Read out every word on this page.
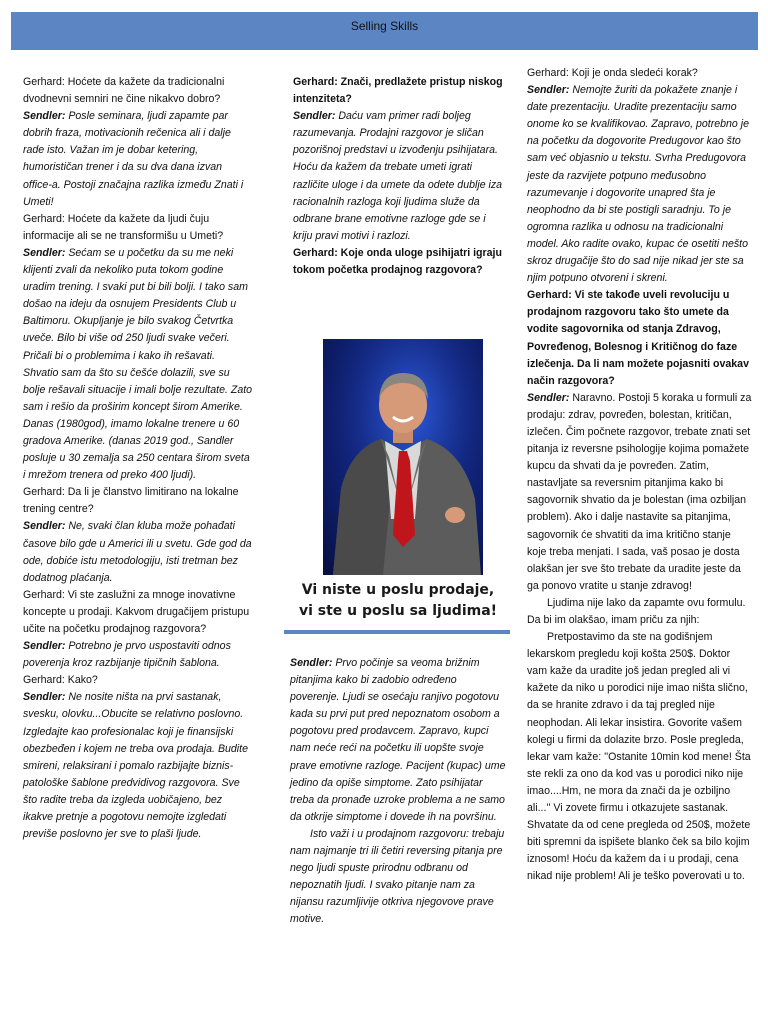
Selling Skills

Gerhard: Hoćete da kažete da tradicionalni dvodnevni semniri ne čine nikakvo dobro?

Sendler: Posle seminara, ljudi zapamte par dobrih fraza, motivacionih rečenica ali i dalje rade isto. Važan im je dobar ketering, humorističan trener i da su dva dana izvan office-a. Postoji značajna razlika između Znati i Umeti!

Gerhard: Hoćete da kažete da ljudi čuju informacije ali se ne transformišu u Umeti?

Sendler: Sećam se u početku da su me neki klijenti zvali da nekoliko puta tokom godine uradim trening. I svaki put bi bili bolji. I tako sam došao na ideju da osnujem Presidents Club u Baltimoru. Okupljanje je bilo svakog Četvrtka uveče. Bilo bi više od 250 ljudi svake večeri. Pričali bi o problemima i kako ih rešavati. Shvatio sam da što su češće dolazili, sve su bolje rešavali situacije i imali bolje rezultate. Zato sam i rešio da proširim koncept širom Amerike. Danas (1980god), imamo lokalne trenere u 60 gradova Amerike. (danas 2019 god., Sandler posluje u 30 zemalja sa 250 centara širom sveta i mrežom trenera od preko 400 ljudi).

Gerhard: Da li je članstvo limitirano na lokalne trening centre?

Sendler: Ne, svaki član kluba može pohađati časove bilo gde u Americi ili u svetu. Gde god da ode, dobiće istu metodologiju, isti tretman bez dodatnog plaćanja.

Gerhard: Vi ste zaslužni za mnoge inovativne koncepte u prodaji. Kakvom drugačijem pristupu učite na početku prodajnog razgovora?

Sendler: Potrebno je prvo uspostaviti odnos poverenja kroz razbijanje tipičnih šablona.

Gerhard: Kako?

Sendler: Ne nosite ništa na prvi sastanak, svesku, olovku...Obucite se relativno poslovno. Izgledajte kao profesionalac koji je finansijski obezbeđen i kojem ne treba ova prodaja. Budite smireni, relaksirani i pomalo razbijajte biznis-patološke šablone predvidivog razgovora. Sve što radite treba da izgleda uobičajeno, bez ikakve pretnje a pogotovu nemojte izgledati previše poslovno jer sve to plaši ljude.

Gerhard: Znači, predlažete pristup niskog intenziteta?

Sendler: Daću vam primer radi boljeg razumevanja. Prodajni razgovor je sličan pozorišnoj predstavi u izvođenju psihijatara. Hoću da kažem da trebate umeti igrati različite uloge i da umete da odete dublje iza racionalnih razloga koji ljudima služe da odbrane brane emotivne razloge gde se i kriju pravi motivi i razlozi.

Gerhard: Koje onda uloge psihijatri igraju tokom početka prodajnog razgovora?

Vi niste u poslu prodaje,
vi ste u poslu sa ljudima!

Sendler: Prvo počinje sa veoma brižnim pitanjima kako bi zadobio određeno poverenje. Ljudi se osećaju ranjivo pogotovu kada su prvi put pred nepoznatom osobom a pogotovu pred prodavcem. Zapravo, kupci nam neće reći na početku ili uopšte svoje prave emotivne razloge. Pacijent (kupac) ume jedino da opiše simptome. Zato psihijatar treba da pronađe uzroke problema a ne samo da otkrije simptome i dovede ih na površinu.

Isto važi i u prodajnom razgovoru: trebaju nam najmanje tri ili četiri reversing pitanja pre nego ljudi spuste prirodnu odbranu od nepoznatih ljudi. I svako pitanje nam za nijansu razumljivije otkriva njegovove prave motive.

Gerhard: Koji je onda sledeći korak?

Sendler: Nemojte žuriti da pokažete znanje i date prezentaciju. Uradite prezentaciju samo onome ko se kvalifikovao. Zapravo, potrebno je na početku da dogovorite Predugovor kao što sam već objasnio u tekstu. Svrha Predugovora jeste da razvijete potpuno međusobno razumevanje i dogovorite unapred šta je neophodno da bi ste postigli saradnju. To je ogromna razlika u odnosu na tradicionalni model. Ako radite ovako, kupac će osetiti nešto skroz drugačije što do sad nije nikad jer ste sa njim potpuno otvoreni i skreni.

Gerhard: Vi ste takođe uveli revoluciju u prodajnom razgovoru tako što umete da vodite sagovornika od stanja Zdravog, Povređenog, Bolesnog i Kritičnog do faze izlečenja. Da li nam možete pojasniti ovakav način razgovora?

Sendler: Naravno. Postoji 5 koraka u formuli za prodaju: zdrav, povređen, bolestan, kritičan, izlečen. Čim počnete razgovor, trebate znati set pitanja iz reversne psihologije kojima pomažete kupcu da shvati da je povređen. Zatim, nastavljate sa reversnim pitanjima kako bi sagovornik shvatio da je bolestan (ima ozbiljan problem). Ako i dalje nastavite sa pitanjima, sagovornik će shvatiti da ima kritično stanje koje treba menjati. I sada, vaš posao je dosta olakšan jer sve što trebate da uradite jeste da ga ponovo vratite u stanje zdravog!

Ljudima nije lako da zapamte ovu formulu. Da bi im olakšao, imam priču za njih:

Pretpostavimo da ste na godišnjem lekarskom pregledu koji košta 250$. Doktor vam kaže da uradite još jedan pregled ali vi kažete da niko u porodici nije imao ništa slično, da se hranite zdravo i da taj pregled nije neophodan. Ali lekar insistira. Govorite vašem kolegi u firmi da dolazite brzo. Posle pregleda, lekar vam kaže: ''Ostanite 10min kod mene! Šta ste rekli za ono da kod vas u porodici niko nije imao....Hm, ne mora da znači da je ozbiljno ali...'' Vi zovete firmu i otkazujete sastanak. Shvatate da od cene pregleda od 250$, možete biti spremni da ispišete blanko ček sa bilo kojim iznosom! Hoću da kažem da i u prodaji, cena nikad nije problem! Ali je teško poverovati u to.
